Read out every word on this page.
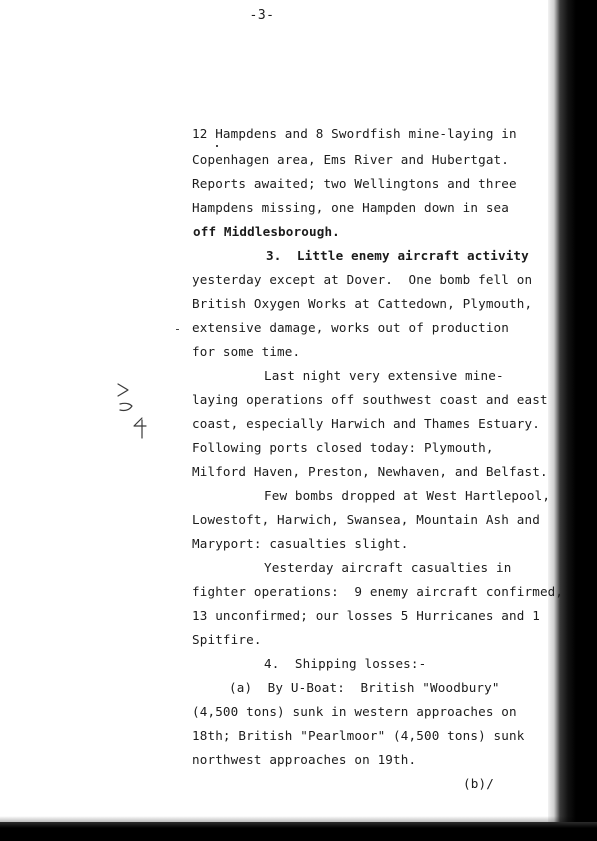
-3-
12 Hampdens and 8 Swordfish mine-laying in
Copenhagen area, Ems River and Hubertgat.
Reports awaited; two Wellingtons and three
Hampdens missing, one Hampden down in sea
off Middlesborough.
3.  Little enemy aircraft activity
yesterday except at Dover.  One bomb fell on
British Oxygen Works at Cattedown, Plymouth,
extensive damage, works out of production
for some time.
Last night very extensive mine-
laying operations off southwest coast and east
coast, especially Harwich and Thames Estuary.
Following ports closed today: Plymouth,
Milford Haven, Preston, Newhaven, and Belfast.
Few bombs dropped at West Hartlepool,
Lowestoft, Harwich, Swansea, Mountain Ash and
Maryport: casualties slight.
Yesterday aircraft casualties in
fighter operations:  9 enemy aircraft confirmed,
13 unconfirmed; our losses 5 Hurricanes and 1
Spitfire.
4.  Shipping losses:-
(a)  By U-Boat:  British "Woodbury"
(4,500 tons) sunk in western approaches on
18th; British "Pearlmoor" (4,500 tons) sunk
northwest approaches on 19th.
(b)/
